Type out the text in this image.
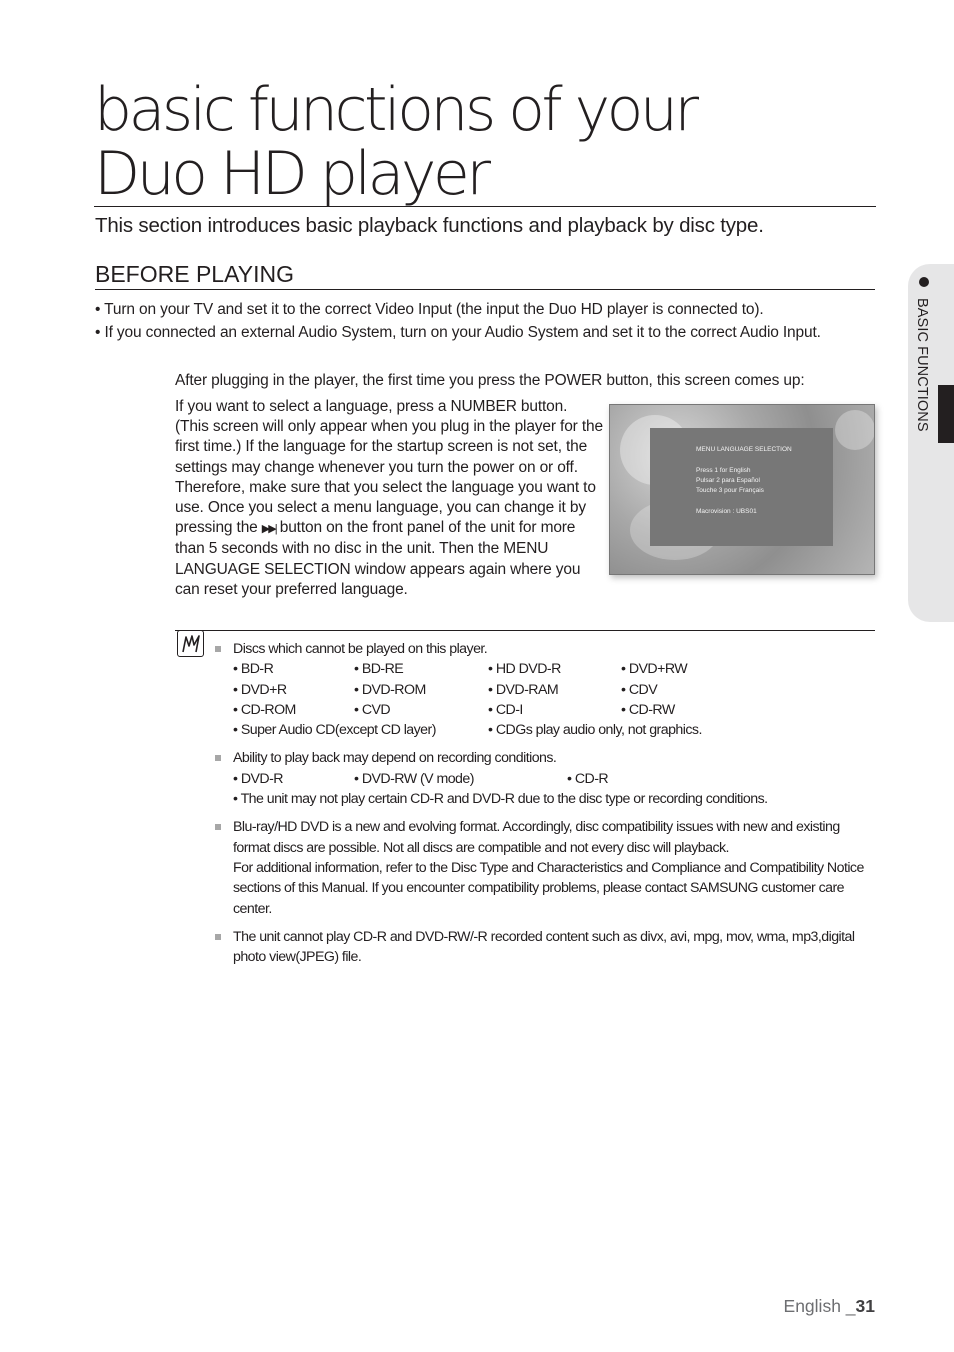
basic functions of your
Duo HD player

This section introduces basic playback functions and playback by disc type.

BEFORE PLAYING
• Turn on your TV and set it to the correct Video Input (the input the Duo HD player is connected to).
• If you connected an external Audio System, turn on your Audio System and set it to the correct Audio Input.

After plugging in the player, the first time you press the POWER button, this screen comes up:

If you want to select a language, press a NUMBER button. (This screen will only appear when you plug in the player for the first time.) If the language for the startup screen is not set, the settings may change whenever you turn the power on or off. Therefore, make sure that you select the language you want to use. Once you select a menu language, you can change it by pressing the ▶▶| button on the front panel of the unit for more than 5 seconds with no disc in the unit. Then the MENU LANGUAGE SELECTION window appears again where you can reset your preferred language.

MENU LANGUAGE SELECTION
Press 1 for English
Pulsar 2 para Español
Touche 3 pour Français
Macrovision : UBS01
Discs which cannot be played on this player.
• BD-R	• BD-RE	• HD DVD-R	• DVD+RW
• DVD+R	• DVD-ROM	• DVD-RAM	• CDV
• CD-ROM	• CVD	• CD-I	• CD-RW
• Super Audio CD(except CD layer)	• CDGs play audio only, not graphics.
Ability to play back may depend on recording conditions.
• DVD-R	• DVD-RW (V mode)	• CD-R
• The unit may not play certain CD-R and DVD-R due to the disc type or recording conditions.
Blu-ray/HD DVD is a new and evolving format. Accordingly, disc compatibility issues with new and existing format discs are possible. Not all discs are compatible and not every disc will playback.
For additional information, refer to the Disc Type and Characteristics and Compliance and Compatibility Notice sections of this Manual. If you encounter compatibility problems, please contact SAMSUNG customer care center.
The unit cannot play CD-R and DVD-RW/-R recorded content such as divx, avi, mpg, mov, wma, mp3,digital photo view(JPEG) file.
BASIC FUNCTIONS
English _31
